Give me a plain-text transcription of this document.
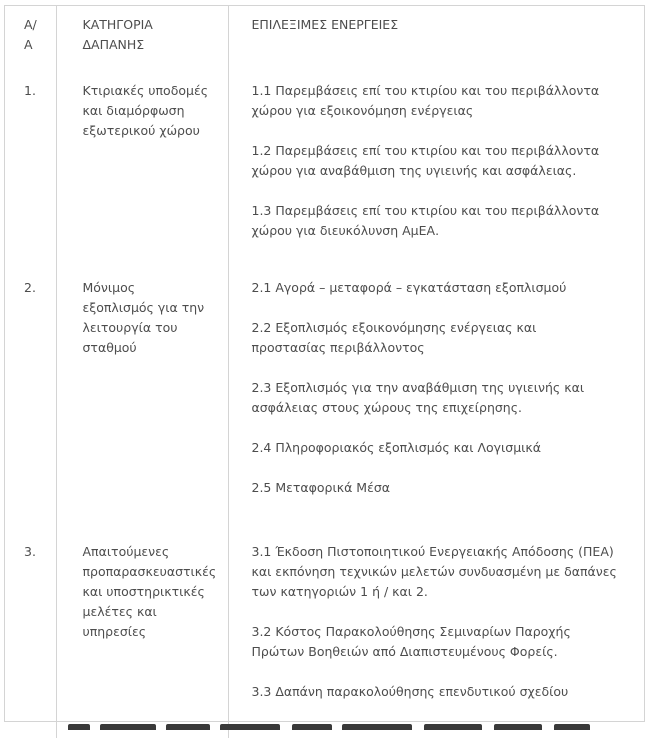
Α/Α	ΚΑΤΗΓΟΡΙΑ ΔΑΠΑΝΗΣ	ΕΠΙΛΕΞΙΜΕΣ ΕΝΕΡΓΕΙΕΣ

1.	Κτιριακές υποδομές και διαμόρφωση εξωτερικού χώρου	1.1 Παρεμβάσεις επί του κτιρίου και του περιβάλλοντα χώρου για εξοικονόμηση ενέργειας
1.2 Παρεμβάσεις επί του κτιρίου και του περιβάλλοντα χώρου για αναβάθμιση της υγιεινής και ασφάλειας.
1.3 Παρεμβάσεις επί του κτιρίου και του περιβάλλοντα χώρου για διευκόλυνση ΑμΕΑ.

2.	Μόνιμος εξοπλισμός για την λειτουργία του σταθμού	2.1 Αγορά – μεταφορά – εγκατάσταση εξοπλισμού
2.2 Εξοπλισμός εξοικονόμησης ενέργειας και προστασίας περιβάλλοντος
2.3 Εξοπλισμός για την αναβάθμιση της υγιεινής και ασφάλειας στους χώρους της επιχείρησης.
2.4 Πληροφοριακός εξοπλισμός και Λογισμικά
2.5 Μεταφορικά Μέσα

3.	Απαιτούμενες προπαρασκευαστικές και υποστηρικτικές μελέτες και υπηρεσίες	3.1 Έκδοση Πιστοποιητικού Ενεργειακής Απόδοσης (ΠΕΑ) και εκπόνηση τεχνικών μελετών συνδυασμένη με δαπάνες των κατηγοριών 1 ή / και 2.
3.2 Κόστος Παρακολούθησης Σεμιναρίων Παροχής Πρώτων Βοηθειών από Διαπιστευμένους Φορείς.
3.3 Δαπάνη παρακολούθησης επενδυτικού σχεδίου
